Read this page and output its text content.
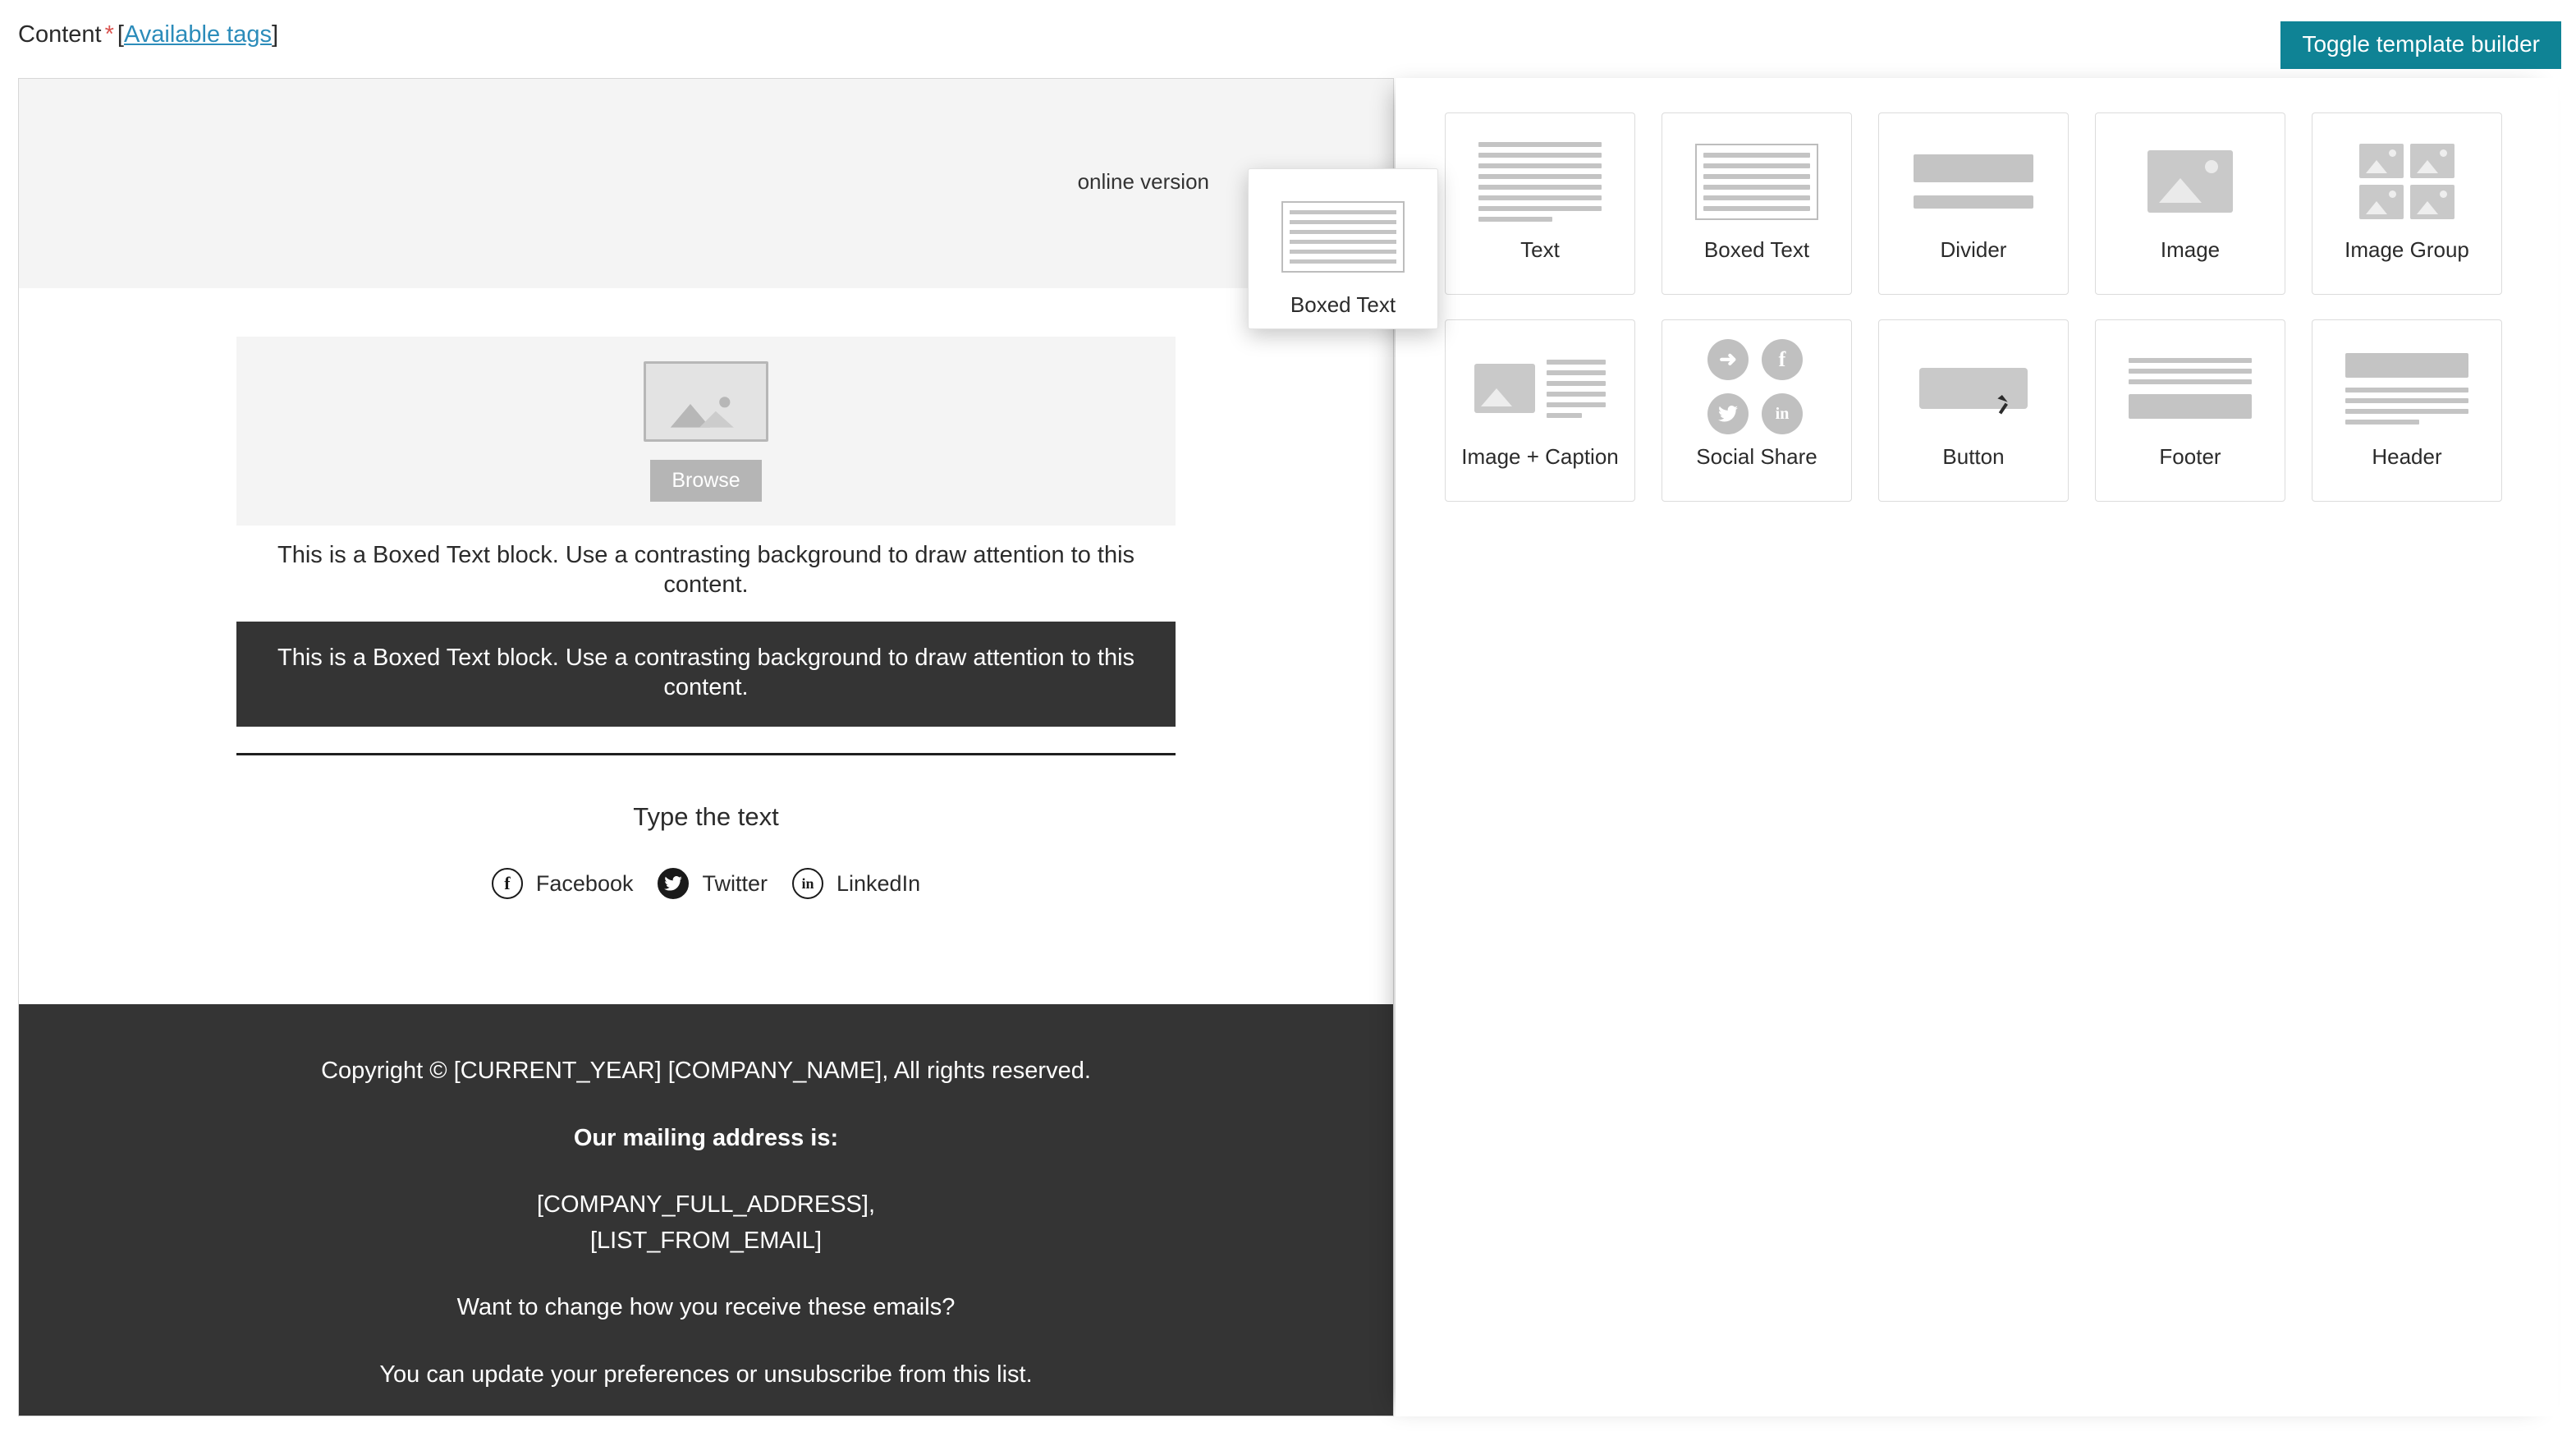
Content * [Available tags]	Toggle template builder
online version
Browse
This is a Boxed Text block. Use a contrasting background to draw attention to this content.
This is a Boxed Text block. Use a contrasting background to draw attention to this content.
Type the text
f	Facebook	Twitter	in	LinkedIn

Copyright © [CURRENT_YEAR] [COMPANY_NAME], All rights reserved.

Our mailing address is:

[COMPANY_FULL_ADDRESS],
[LIST_FROM_EMAIL]

Want to change how you receive these emails?

You can update your preferences or unsubscribe from this list.

Boxed Text
Text	Boxed Text	Divider	Image	Image Group
Image + Caption
➜	f
in
Social Share	Button	Footer	Header
